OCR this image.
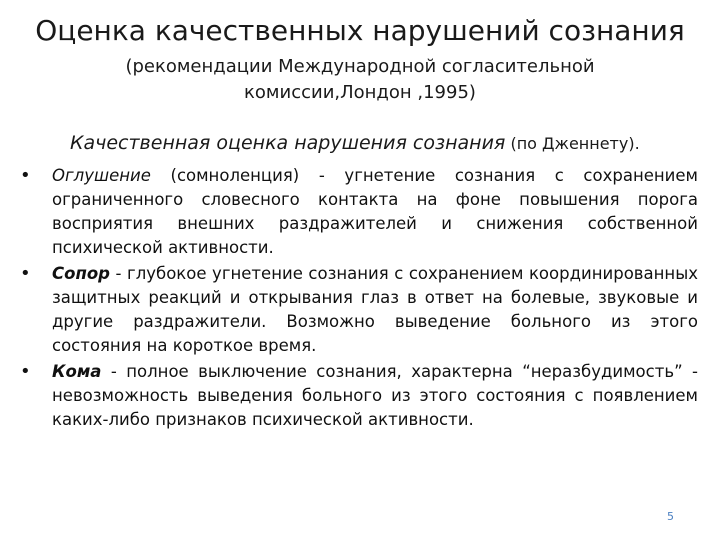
Оценка качественных нарушений сознания
(рекомендации Международной согласительной
комиссии,Лондон ,1995)
Качественная оценка нарушения сознания (по Дженнету).
• Оглушение (сомноленция) - угнетение сознания с сохранением ограниченного словесного контакта на фоне повышения порога восприятия внешних раздражителей и снижения собственной психической активности.
• Сопор - глубокое угнетение сознания с сохранением координированных защитных реакций и открывания глаз в ответ на болевые, звуковые и другие раздражители. Возможно выведение больного из этого состояния на короткое время.
• Кома - полное выключение сознания, характерна “неразбудимость” - невозможность выведения больного из этого состояния с появлением каких-либо признаков психической активности.
5
